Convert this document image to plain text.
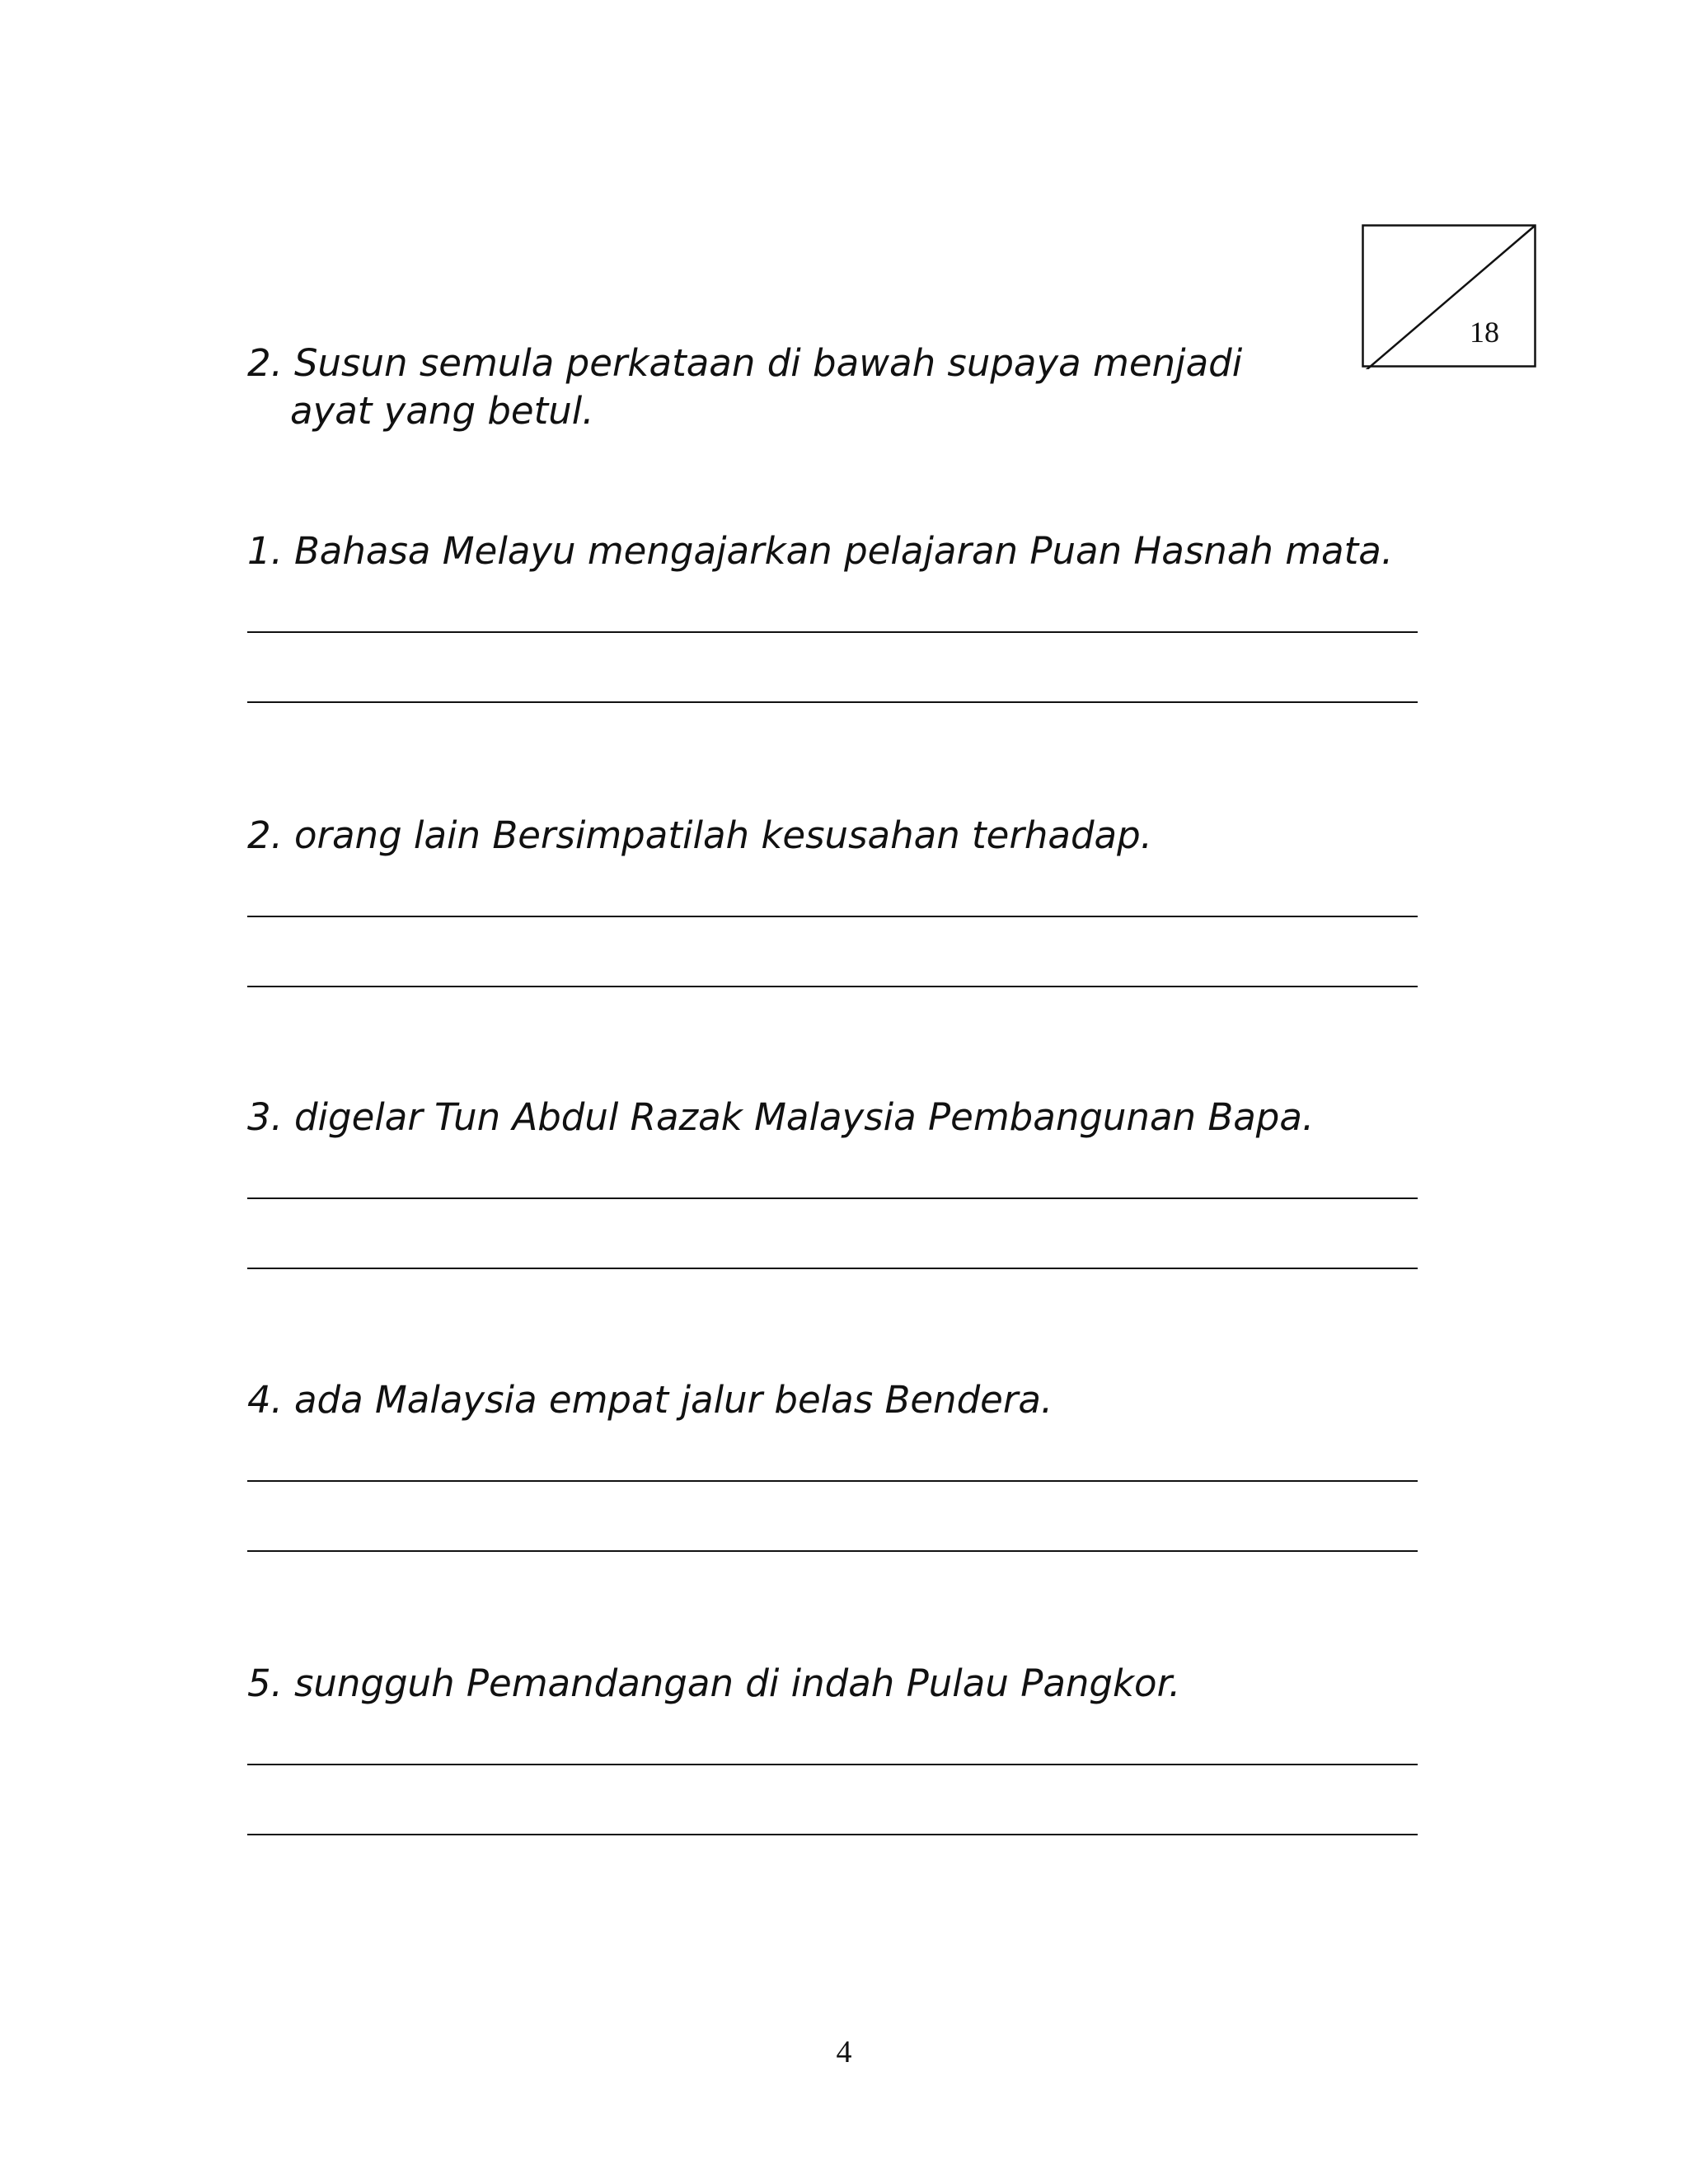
18
2. Susun semula perkataan di bawah supaya menjadi
ayat yang betul.
1. Bahasa Melayu mengajarkan pelajaran Puan Hasnah mata.
2. orang lain Bersimpatilah kesusahan terhadap.
3. digelar Tun Abdul Razak Malaysia Pembangunan Bapa.
4. ada Malaysia empat jalur belas Bendera.
5. sungguh Pemandangan di indah Pulau Pangkor.
4
